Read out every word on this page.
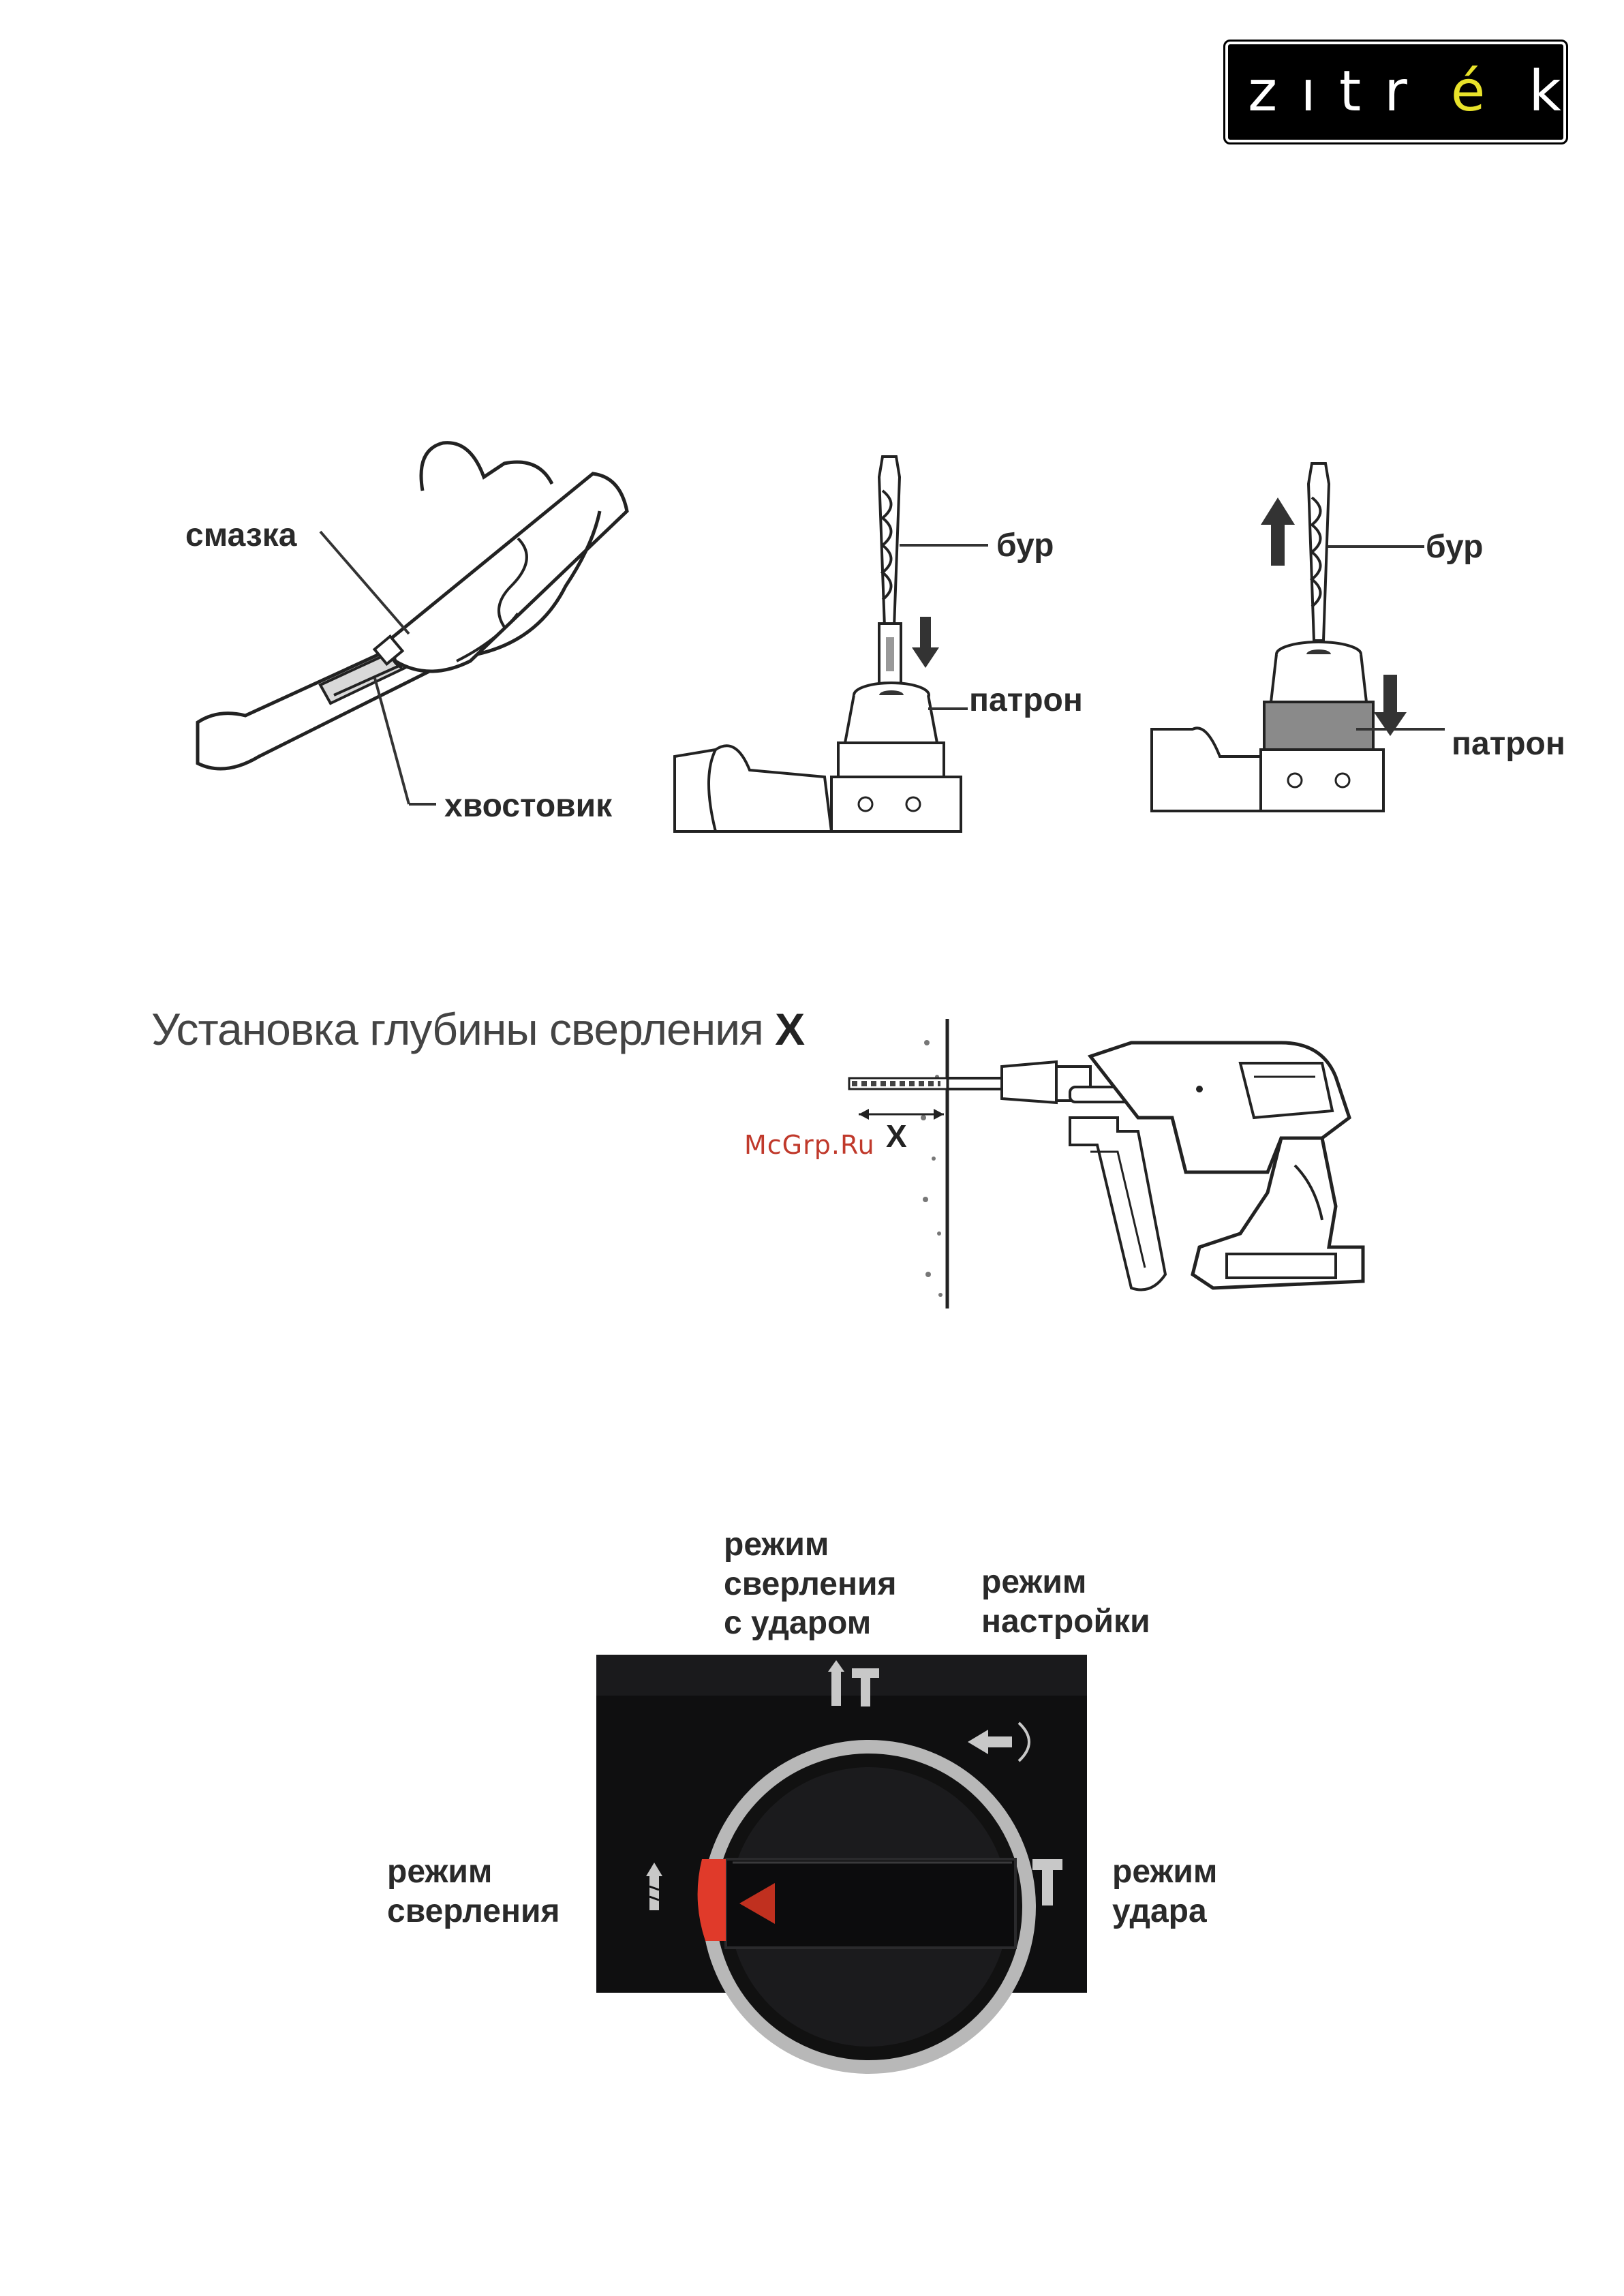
zıtr é k
смазка
хвостовик
бур
патрон
бур
патрон
Установка глубины сверления X
McGrp.Ru X
режим
сверления
с ударом
режим
настройки
режим
сверления
режим
удара
